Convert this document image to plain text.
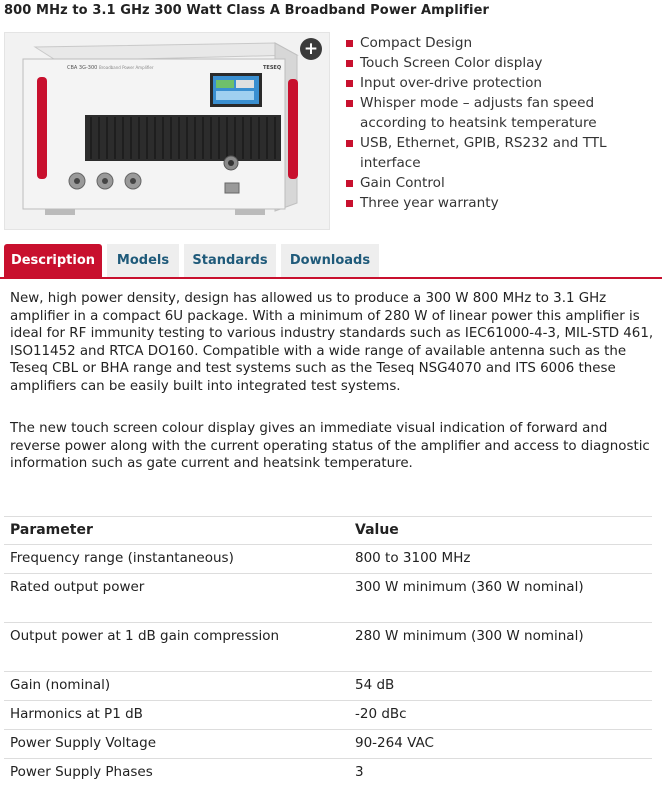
800 MHz to 3.1 GHz 300 Watt Class A Broadband Power Amplifier
CBA 3G-300 Broadband Power Amplifier	TESEQ
+	Compact Design
Touch Screen Color display
Input over-drive protection
Whisper mode – adjusts fan speed according to heatsink temperature
USB, Ethernet, GPIB, RS232 and TTL interface
Gain Control
Three year warranty
Description	Models	Standards	Downloads

New, high power density, design has allowed us to produce a 300 W 800 MHz to 3.1 GHz amplifier in a compact 6U package. With a minimum of 280 W of linear power this amplifier is ideal for RF immunity testing to various industry standards such as IEC61000-4-3, MIL-STD 461, ISO11452 and RTCA DO160. Compatible with a wide range of available antenna such as the Teseq CBL or BHA range and test systems such as the Teseq NSG4070 and ITS 6006 these amplifiers can be easily built into integrated test systems.

The new touch screen colour display gives an immediate visual indication of forward and reverse power along with the current operating status of the amplifier and access to diagnostic information such as gate current and heatsink temperature.

Parameter	Value
Frequency range (instantaneous)	800 to 3100 MHz
Rated output power	300 W minimum (360 W nominal)
Output power at 1 dB gain compression	280 W minimum (300 W nominal)
Gain (nominal)	54 dB
Harmonics at P1 dB	-20 dBc
Power Supply Voltage	90-264 VAC
Power Supply Phases	3
